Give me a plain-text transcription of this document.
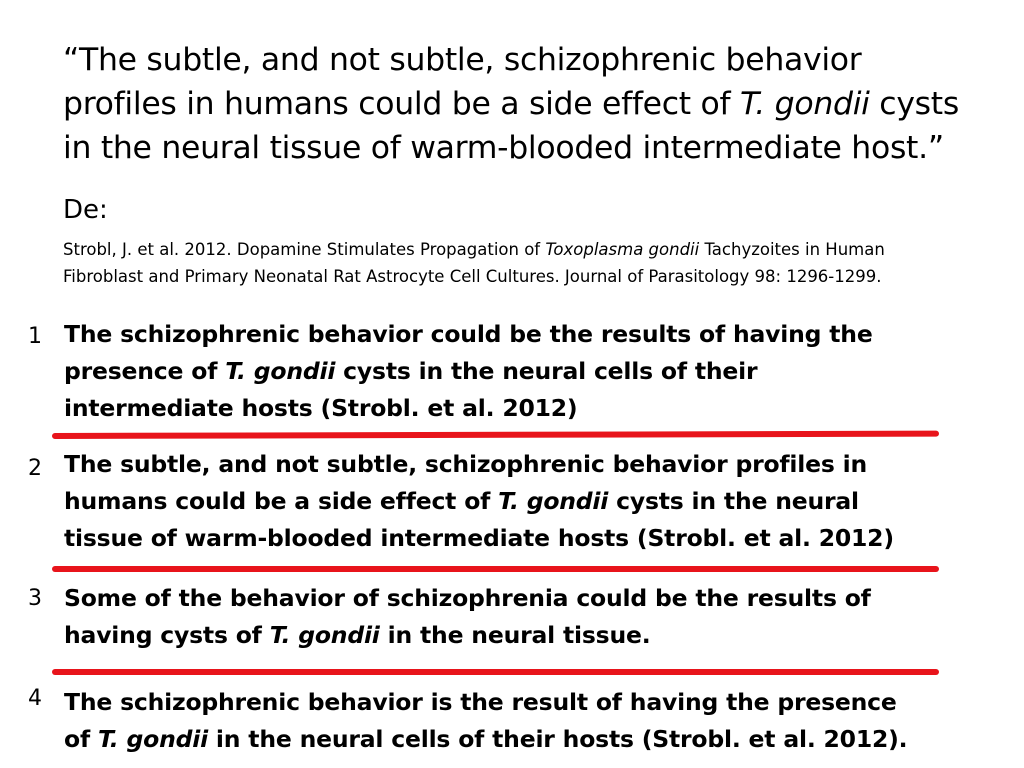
“The subtle, and not subtle, schizophrenic behavior
profiles in humans could be a side effect of T. gondii cysts
in the neural tissue of warm-blooded intermediate host.”
De:
Strobl, J. et al. 2012. Dopamine Stimulates Propagation of Toxoplasma gondii Tachyzoites in Human
Fibroblast and Primary Neonatal Rat Astrocyte Cell Cultures. Journal of Parasitology 98: 1296-1299.
1 The schizophrenic behavior could be the results of having the
presence of T. gondii cysts in the neural cells of their
intermediate hosts (Strobl. et al. 2012)
2 The subtle, and not subtle, schizophrenic behavior profiles in
humans could be a side effect of T. gondii cysts in the neural
tissue of warm-blooded intermediate hosts (Strobl. et al. 2012)
3 Some of the behavior of schizophrenia could be the results of
having cysts of T. gondii in the neural tissue.
4 The schizophrenic behavior is the result of having the presence
of T. gondii in the neural cells of their hosts (Strobl. et al. 2012).
